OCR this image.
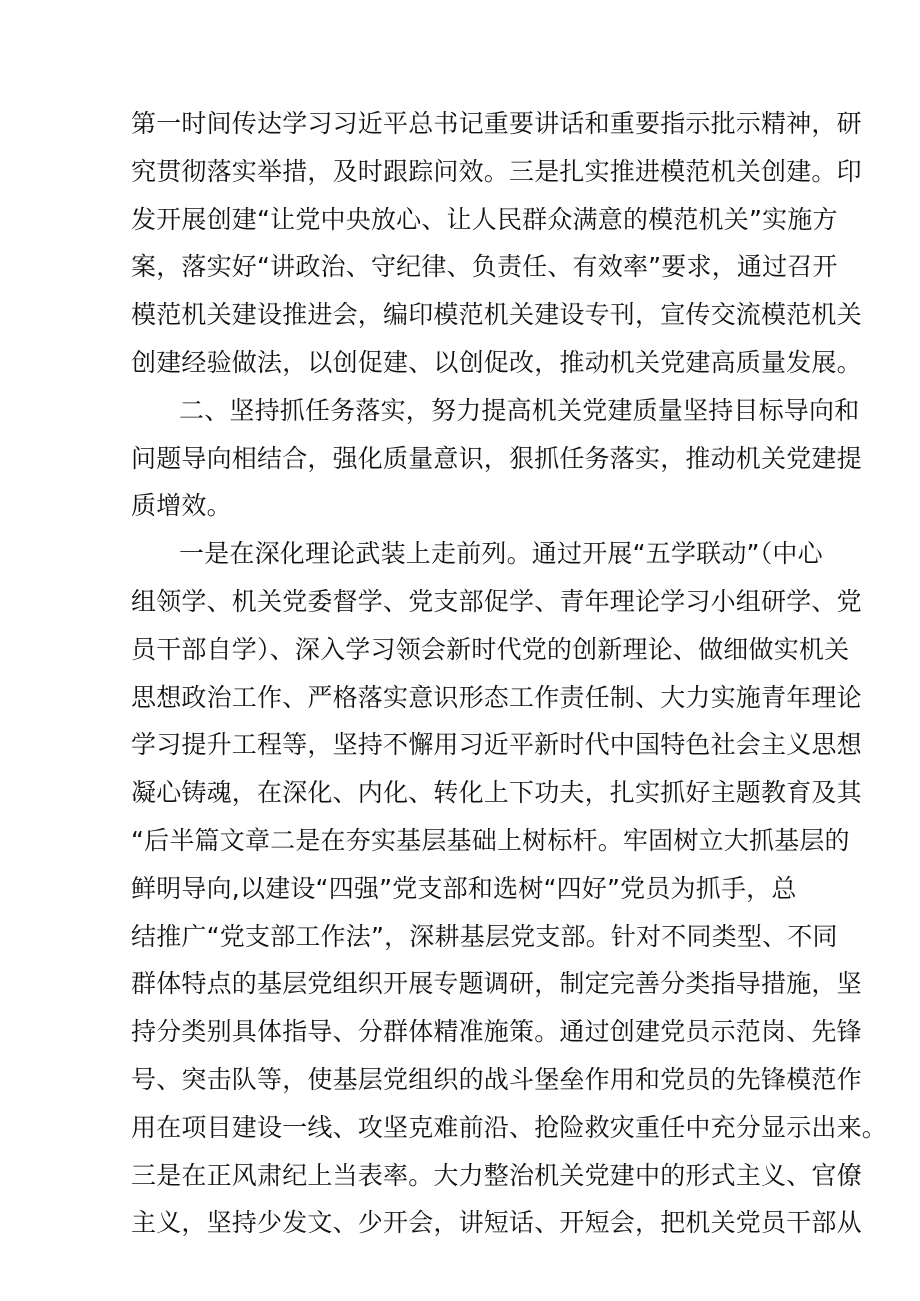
第一时间传达学习习近平总书记重要讲话和重要指示批示精神，研
究贯彻落实举措，及时跟踪问效。三是扎实推进模范机关创建。印
发开展创建“让党中央放心、让人民群众满意的模范机关”实施方
案，落实好“讲政治、守纪律、负责任、有效率”要求，通过召开
模范机关建设推进会，编印模范机关建设专刊，宣传交流模范机关
创建经验做法，以创促建、以创促改，推动机关党建高质量发展。
二、坚持抓任务落实，努力提高机关党建质量坚持目标导向和
问题导向相结合，强化质量意识，狠抓任务落实，推动机关党建提
质增效。
一是在深化理论武装上走前列。通过开展“五学联动”（中心
组领学、机关党委督学、党支部促学、青年理论学习小组研学、党
员干部自学）、深入学习领会新时代党的创新理论、做细做实机关
思想政治工作、严格落实意识形态工作责任制、大力实施青年理论
学习提升工程等，坚持不懈用习近平新时代中国特色社会主义思想
凝心铸魂，在深化、内化、转化上下功夫，扎实抓好主题教育及其
“后半篇文章二是在夯实基层基础上树标杆。牢固树立大抓基层的
鲜明导向,以建设“四强”党支部和选树“四好”党员为抓手，总
结推广“党支部工作法”，深耕基层党支部。针对不同类型、不同
群体特点的基层党组织开展专题调研，制定完善分类指导措施，坚
持分类别具体指导、分群体精准施策。通过创建党员示范岗、先锋
号、突击队等，使基层党组织的战斗堡垒作用和党员的先锋模范作
用在项目建设一线、攻坚克难前沿、抢险救灾重任中充分显示出来。
三是在正风肃纪上当表率。大力整治机关党建中的形式主义、官僚
主义，坚持少发文、少开会，讲短话、开短会，把机关党员干部从
